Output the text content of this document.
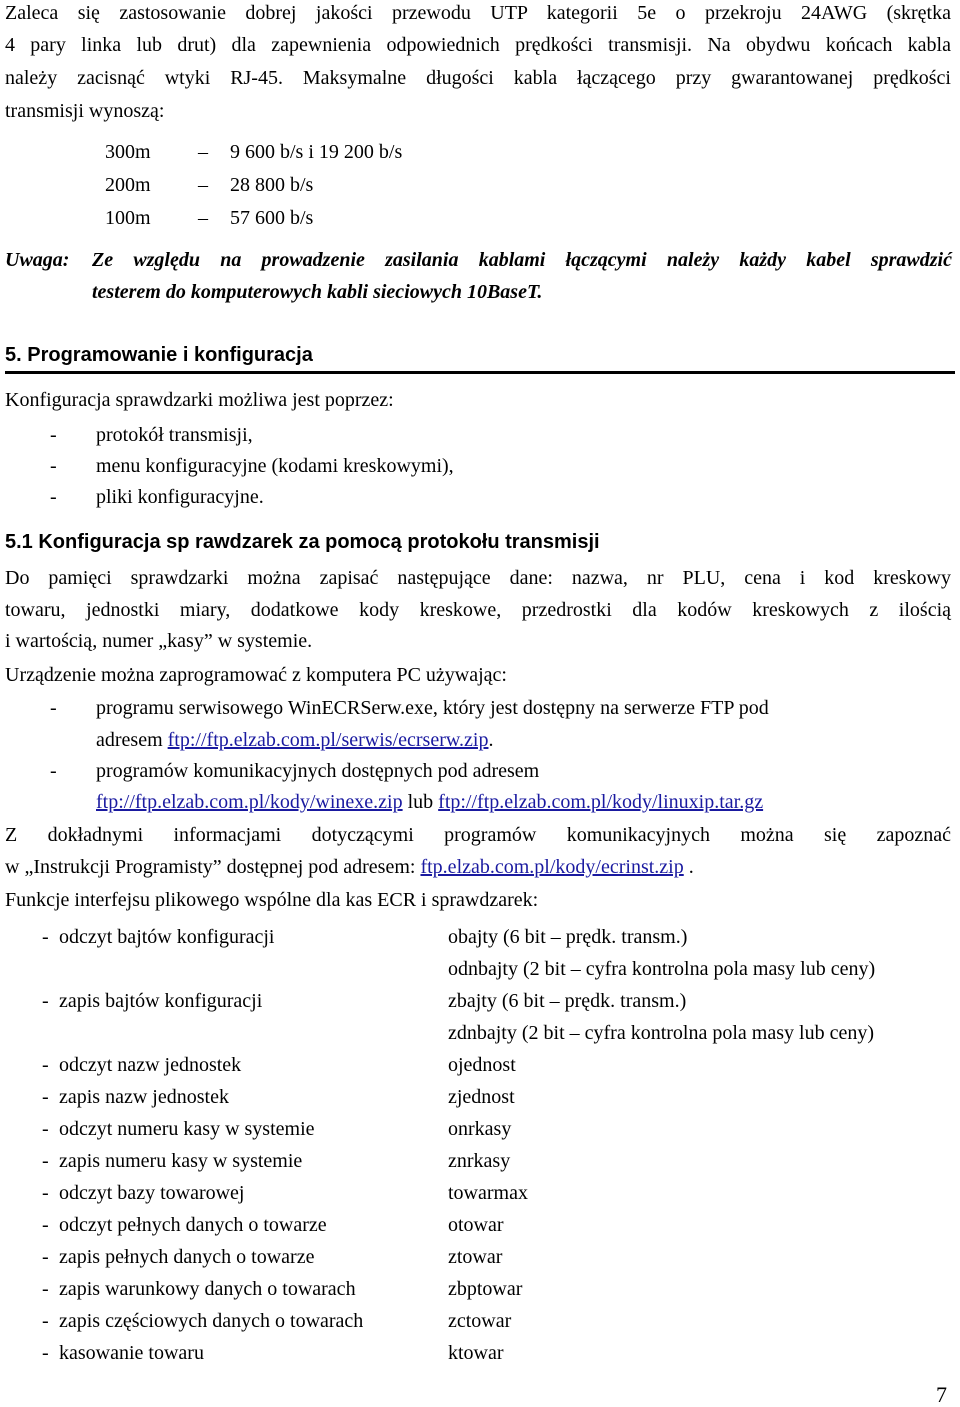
Zaleca się zastosowanie dobrej jakości przewodu UTP kategorii 5e o przekroju 24AWG (skrętka

4 pary linka lub drut) dla zapewnienia odpowiednich prędkości transmisji. Na obydwu końcach kabla

należy zacisnąć wtyki RJ-45. Maksymalne długości kabla łączącego przy gwarantowanej prędkości

transmisji wynoszą:

300m – 9 600 b/s i 19 200 b/s
200m – 28 800 b/s
100m – 57 600 b/s
Uwaga: Ze względu na prowadzenie zasilania kablami łączącymi należy każdy kabel sprawdzić
testerem do komputerowych kabli sieciowych 10BaseT.
5. Programowanie i konfiguracja

Konfiguracja sprawdzarki możliwa jest poprzez:

- protokół transmisji,
- menu konfiguracyjne (kodami kreskowymi),
- pliki konfiguracyjne.
5.1 Konfiguracja sp rawdzarek za pomocą protokołu transmisji

Do pamięci sprawdzarki można zapisać następujące dane: nazwa, nr PLU, cena i kod kreskowy

towaru, jednostki miary, dodatkowe kody kreskowe, przedrostki dla kodów kreskowych z ilością

i wartością, numer „kasy” w systemie.

Urządzenie można zaprogramować z komputera PC używając:

- programu serwisowego WinECRSerw.exe, który jest dostępny na serwerze FTP pod
adresem ftp://ftp.elzab.com.pl/serwis/ecrserw.zip.
- programów komunikacyjnych dostępnych pod adresem
ftp://ftp.elzab.com.pl/kody/winexe.zip lub ftp://ftp.elzab.com.pl/kody/linuxip.tar.gz

Z dokładnymi informacjami dotyczącymi programów komunikacyjnych można się zapoznać

w „Instrukcji Programisty” dostępnej pod adresem: ftp.elzab.com.pl/kody/ecrinst.zip .

Funkcje interfejsu plikowego wspólne dla kas ECR i sprawdzarek:

- odczyt bajtów konfiguracji	obajty (6 bit – prędk. transm.)
odnbajty (2 bit – cyfra kontrolna pola masy lub ceny)
- zapis bajtów konfiguracji	zbajty (6 bit – prędk. transm.)
zdnbajty (2 bit – cyfra kontrolna pola masy lub ceny)
- odczyt nazw jednostek	ojednost
- zapis nazw jednostek	zjednost
- odczyt numeru kasy w systemie	onrkasy
- zapis numeru kasy w systemie	znrkasy
- odczyt bazy towarowej	towarmax
- odczyt pełnych danych o towarze	otowar
- zapis pełnych danych o towarze	ztowar
- zapis warunkowy danych o towarach	zbptowar
- zapis częściowych danych o towarach	zctowar
- kasowanie towaru	ktowar
7
